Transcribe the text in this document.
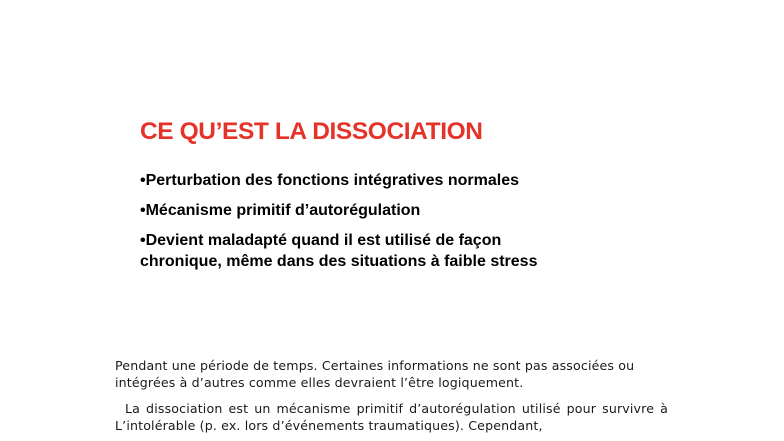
CE QU’EST LA DISSOCIATION
•Perturbation des fonctions intégratives normales
•Mécanisme primitif d’autorégulation
•Devient maladapté quand il est utilisé de façon chronique, même dans des situations à faible stress

Pendant une période de temps. Certaines informations ne sont pas associées ou intégrées à d’autres comme elles devraient l’être logiquement.

La dissociation est un mécanisme primitif d’autorégulation utilisé pour survivre à L’intolérable (p. ex. lors d’événements traumatiques). Cependant,
